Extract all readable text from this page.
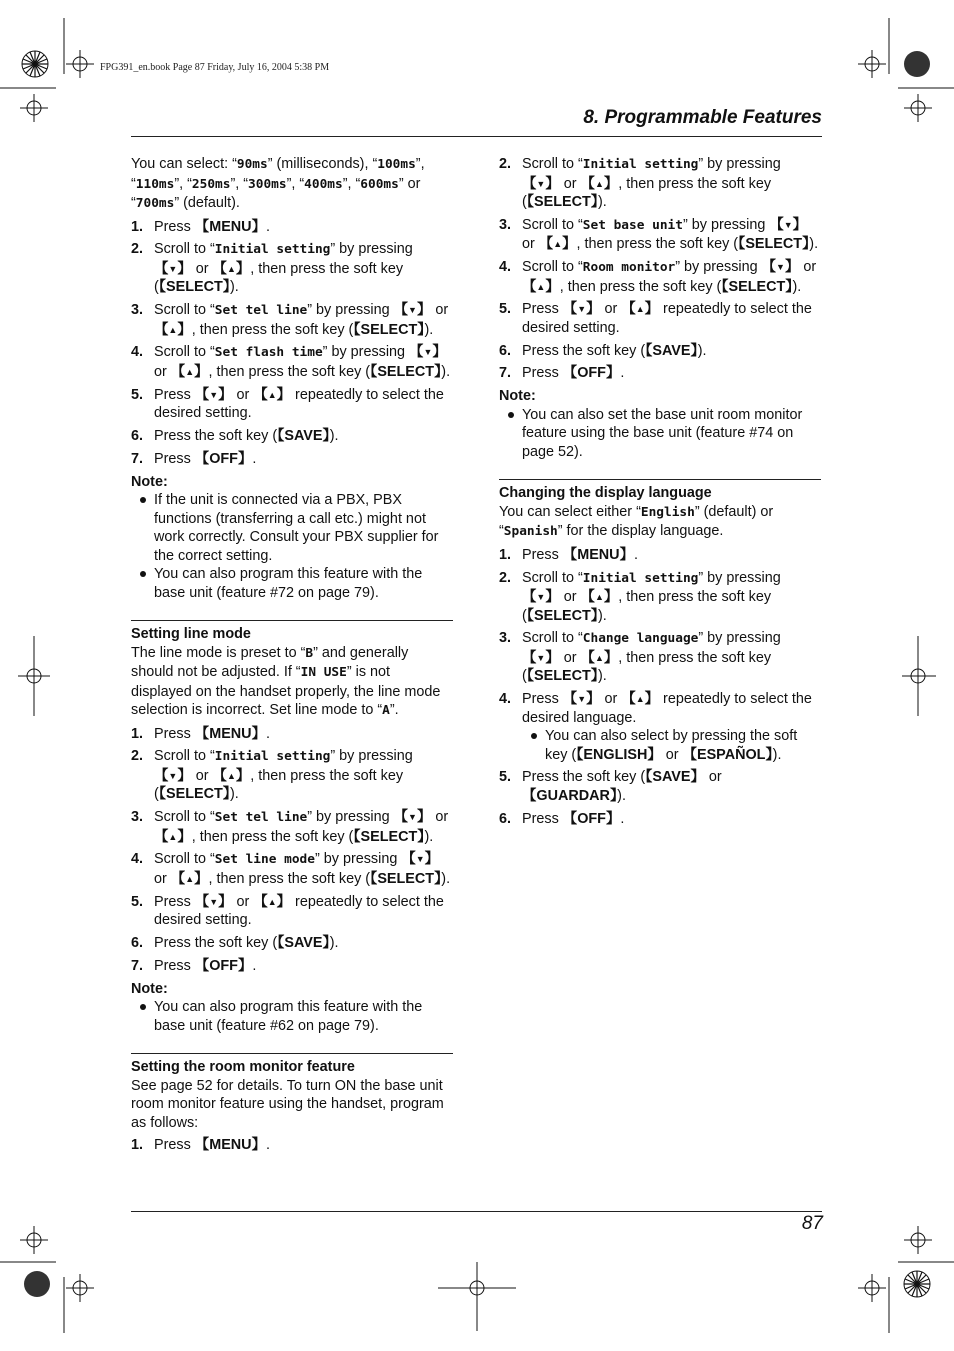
FPG391_en.book Page 87 Friday, July 16, 2004 5:38 PM
8. Programmable Features

You can select: “90ms” (milliseconds), “100ms”, “110ms”, “250ms”, “300ms”, “400ms”, “600ms” or “700ms” (default).

1. Press 【MENU】.
2. Scroll to “Initial setting” by pressing 【▼】 or 【▲】, then press the soft key (【SELECT】).
3. Scroll to “Set tel line” by pressing 【▼】 or 【▲】, then press the soft key (【SELECT】).
4. Scroll to “Set flash time” by pressing 【▼】 or 【▲】, then press the soft key (【SELECT】).
5. Press 【▼】 or 【▲】 repeatedly to select the desired setting.
6. Press the soft key (【SAVE】).
7. Press 【OFF】.

Note:

If the unit is connected via a PBX, PBX functions (transferring a call etc.) might not work correctly. Consult your PBX supplier for the correct setting.
You can also program this feature with the base unit (feature #72 on page 79).

Setting line mode

The line mode is preset to “B” and generally should not be adjusted. If “IN USE” is not displayed on the handset properly, the line mode selection is incorrect. Set line mode to “A”.

1. Press 【MENU】.
2. Scroll to “Initial setting” by pressing 【▼】 or 【▲】, then press the soft key (【SELECT】).
3. Scroll to “Set tel line” by pressing 【▼】 or 【▲】, then press the soft key (【SELECT】).
4. Scroll to “Set line mode” by pressing 【▼】 or 【▲】, then press the soft key (【SELECT】).
5. Press 【▼】 or 【▲】 repeatedly to select the desired setting.
6. Press the soft key (【SAVE】).
7. Press 【OFF】.

Note:

You can also program this feature with the base unit (feature #62 on page 79).

Setting the room monitor feature

See page 52 for details. To turn ON the base unit room monitor feature using the handset, program as follows:

1. Press 【MENU】.
2. Scroll to “Initial setting” by pressing 【▼】 or 【▲】, then press the soft key (【SELECT】).
3. Scroll to “Set base unit” by pressing 【▼】 or 【▲】, then press the soft key (【SELECT】).
4. Scroll to “Room monitor” by pressing 【▼】 or 【▲】, then press the soft key (【SELECT】).
5. Press 【▼】 or 【▲】 repeatedly to select the desired setting.
6. Press the soft key (【SAVE】).
7. Press 【OFF】.

Note:

You can also set the base unit room monitor feature using the base unit (feature #74 on page 52).

Changing the display language

You can select either “English” (default) or “Spanish” for the display language.

1. Press 【MENU】.
2. Scroll to “Initial setting” by pressing 【▼】 or 【▲】, then press the soft key (【SELECT】).
3. Scroll to “Change language” by pressing 【▼】 or 【▲】, then press the soft key (【SELECT】).
4. Press 【▼】 or 【▲】 repeatedly to select the desired language.
You can also select by pressing the soft key (【ENGLISH】 or 【ESPAÑOL】).
5. Press the soft key (【SAVE】 or 【GUARDAR】).
6. Press 【OFF】.
87
